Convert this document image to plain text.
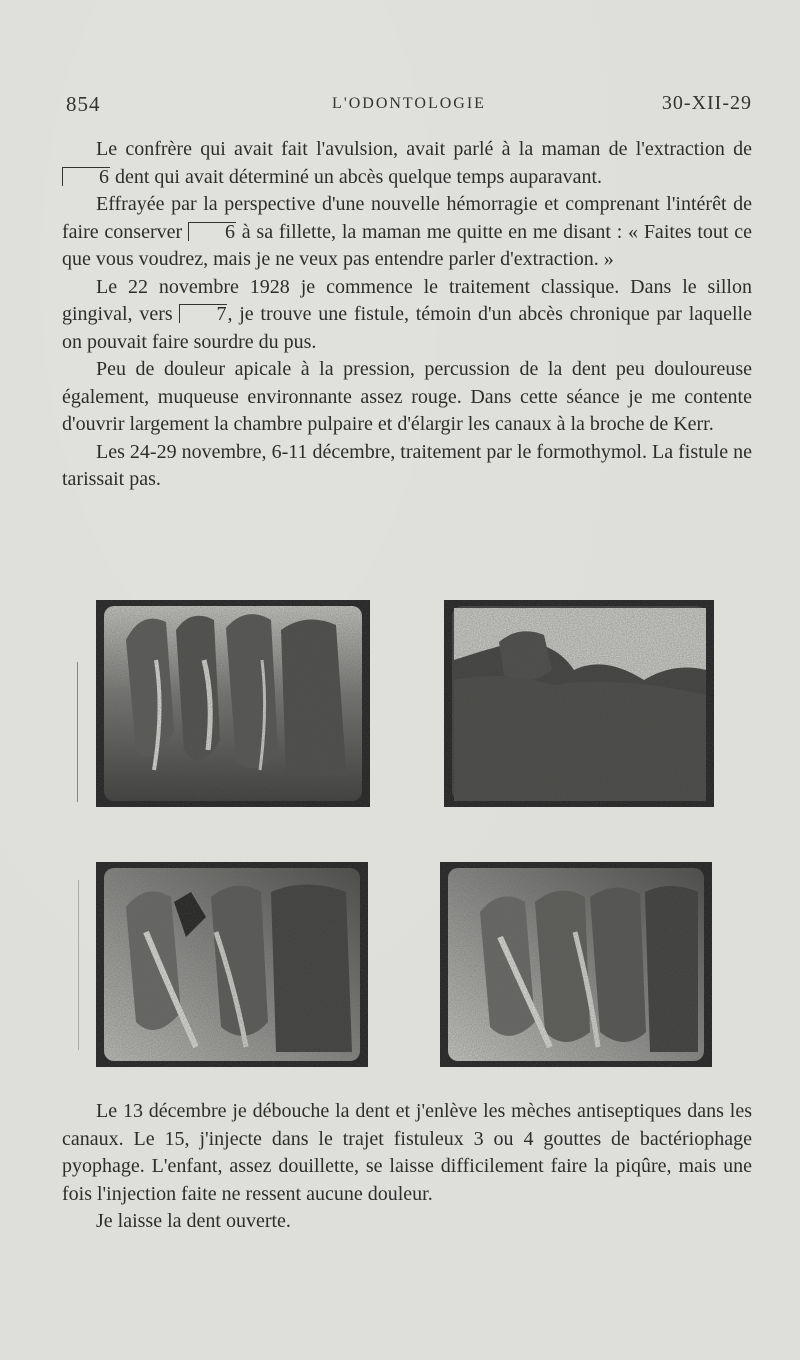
854	L'ODONTOLOGIE	30-XII-29

Le confrère qui avait fait l'avulsion, avait parlé à la maman de l'extraction de 6 dent qui avait déterminé un abcès quelque temps auparavant.

Effrayée par la perspective d'une nouvelle hémorragie et comprenant l'intérêt de faire conserver 6 à sa fillette, la maman me quitte en me disant : « Faites tout ce que vous voudrez, mais je ne veux pas entendre parler d'extraction. »

Le 22 novembre 1928 je commence le traitement classique. Dans le sillon gingival, vers 7, je trouve une fistule, témoin d'un abcès chronique par laquelle on pouvait faire sourdre du pus.

Peu de douleur apicale à la pression, percussion de la dent peu douloureuse également, muqueuse environnante assez rouge. Dans cette séance je me contente d'ouvrir largement la chambre pulpaire et d'élargir les canaux à la broche de Kerr.

Les 24-29 novembre, 6-11 décembre, traitement par le formothymol. La fistule ne tarissait pas.

Le 13 décembre je débouche la dent et j'enlève les mèches antiseptiques dans les canaux. Le 15, j'injecte dans le trajet fistuleux 3 ou 4 gouttes de bactériophage pyophage. L'enfant, assez douillette, se laisse difficilement faire la piqûre, mais une fois l'injection faite ne ressent aucune douleur.

Je laisse la dent ouverte.
